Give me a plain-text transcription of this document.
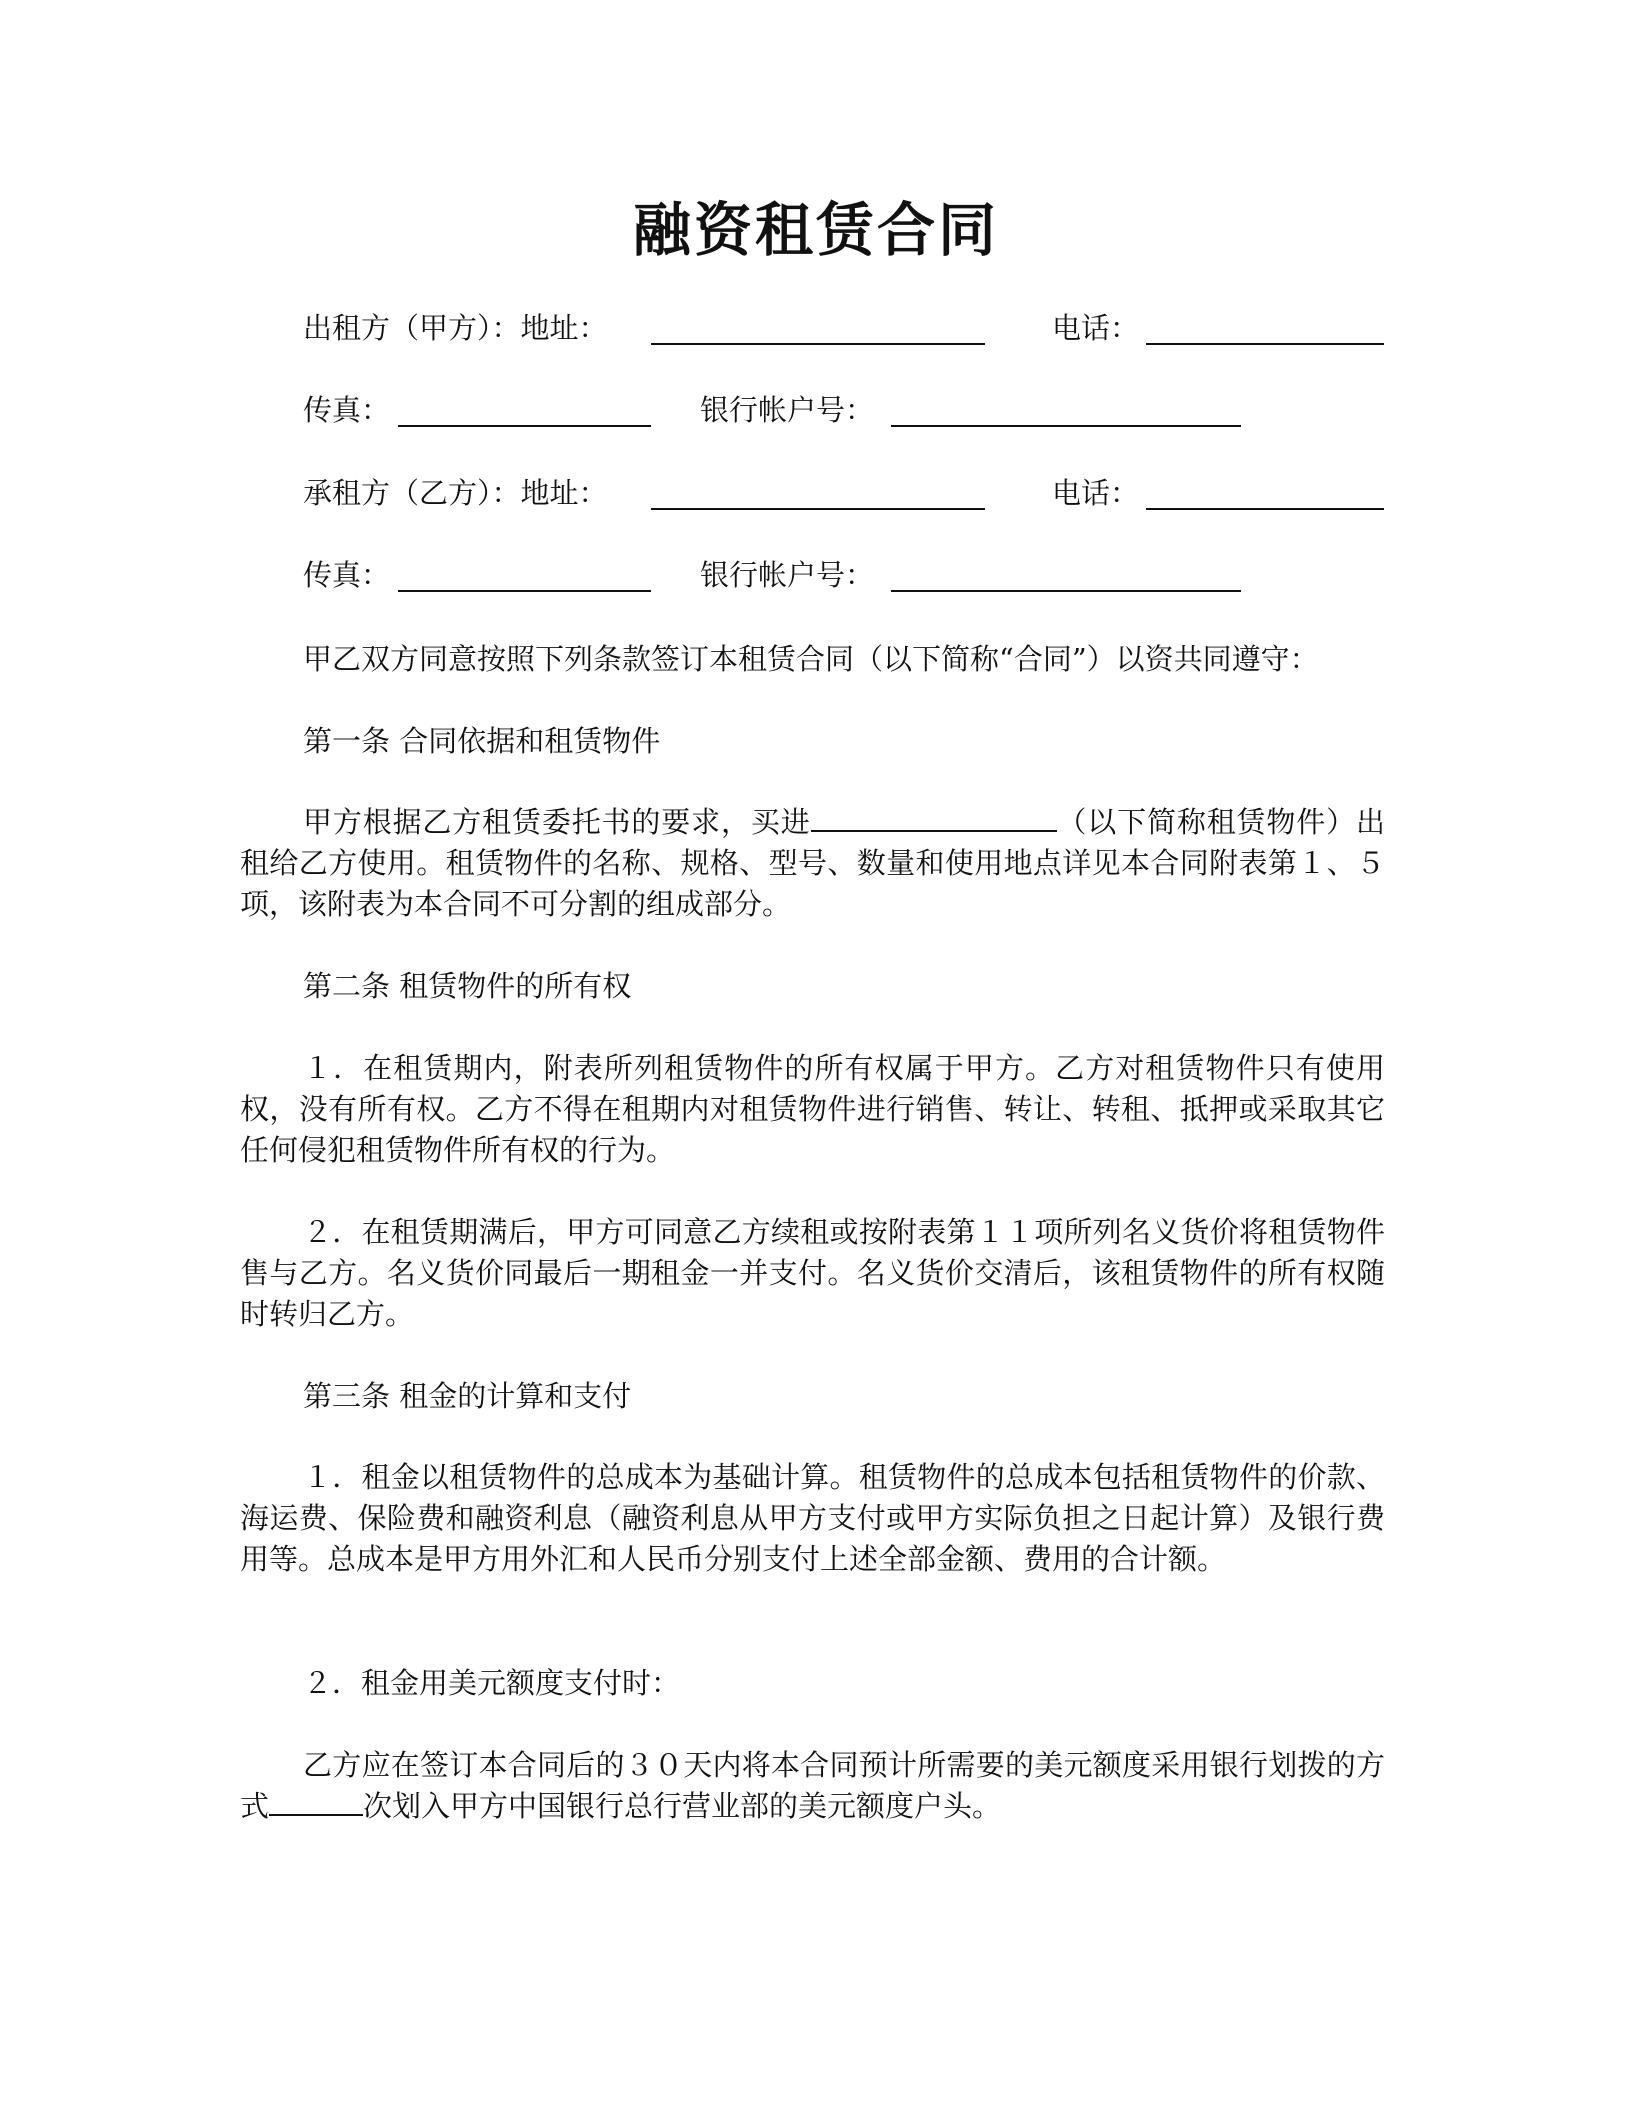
融资租赁合同
出租方（甲方）：地址：	电话：
传真：	银行帐户号：
承租方（乙方）：地址：	电话：
传真：	银行帐户号：
甲乙双方同意按照下列条款签订本租赁合同（以下简称“合同”）以资共同遵守：
第一条 合同依据和租赁物件
甲方根据乙方租赁委托书的要求，买进	（以下简称租赁物件）出租给乙方使用。租赁物件的名称、规格、型号、数量和使用地点详见本合同附表第１、５项，该附表为本合同不可分割的组成部分。
第二条 租赁物件的所有权
１．在租赁期内，附表所列租赁物件的所有权属于甲方。乙方对租赁物件只有使用权，没有所有权。乙方不得在租期内对租赁物件进行销售、转让、转租、抵押或采取其它任何侵犯租赁物件所有权的行为。
２．在租赁期满后，甲方可同意乙方续租或按附表第１１项所列名义货价将租赁物件售与乙方。名义货价同最后一期租金一并支付。名义货价交清后，该租赁物件的所有权随时转归乙方。
第三条 租金的计算和支付
１．租金以租赁物件的总成本为基础计算。租赁物件的总成本包括租赁物件的价款、海运费、保险费和融资利息（融资利息从甲方支付或甲方实际负担之日起计算）及银行费用等。总成本是甲方用外汇和人民币分别支付上述全部金额、费用的合计额。
２．租金用美元额度支付时：
乙方应在签订本合同后的３０天内将本合同预计所需要的美元额度采用银行划拨的方式	次划入甲方中国银行总行营业部的美元额度户头。
